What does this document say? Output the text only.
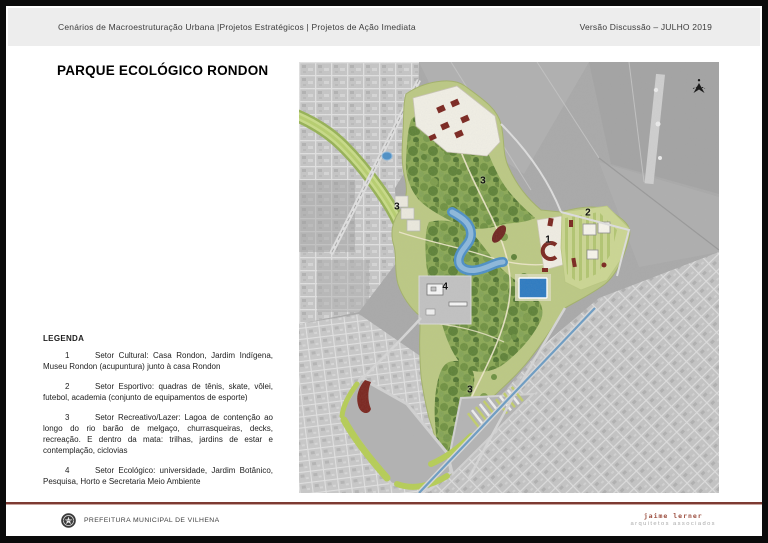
Cenários de Macroestruturação Urbana |Projetos Estratégicos | Projetos de Ação Imediata	Versão Discussão – JULHO 2019
PARQUE ECOLÓGICO RONDON
LEGENDA

1	Setor Cultural: Casa Rondon, Jardim Indígena, Museu Rondon (acupuntura) junto à casa Rondon

2	Setor Esportivo: quadras de tênis, skate, vôlei, futebol, academia (conjunto de equipamentos de esporte)

3	Setor Recreativo/Lazer: Lagoa de contenção ao longo do rio barão de melgaço, churrasqueiras, decks, recreação. E dentro da mata: trilhas, jardins de estar e contemplação, ciclovias

4	Setor Ecológico: universidade, Jardim Botânico, Pesquisa, Horto e Secretaria Meio Ambiente

3
3
2
1
4
3
PREFEITURA MUNICIPAL DE VILHENA
jaime lerner
arquitetos associados
